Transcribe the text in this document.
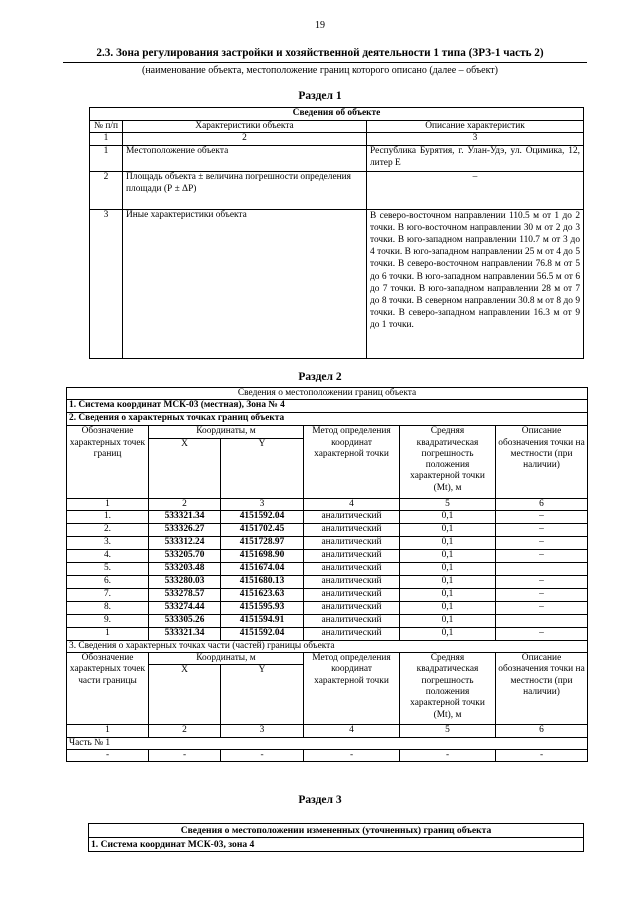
19
2.3. Зона регулирования застройки и хозяйственной деятельности 1 типа (ЗРЗ-1 часть 2)
(наименование объекта, местоположение границ которого описано (далее – объект)
Раздел 1
Сведения об объекте		
№ п/п	Характеристики объекта	Описание характеристик
1	2	3
1	Местоположение объекта	Республика Бурятия, г. Улан-Удэ, ул. Оцимика, 12, литер Е
2	Площадь объекта ± величина погрешности определения площади (Р ± ΔР)	–
3	Иные характеристики объекта	В северо-восточном направлении 110.5 м от 1 до 2 точки. В юго-восточном направлении 30 м от 2 до 3 точки. В юго-западном направлении 110.7 м от 3 до 4 точки. В юго-западном направлении 25 м от 4 до 5 точки. В северо-восточном направлении 76.8 м от 5 до 6 точки. В юго-западном направлении 56.5 м от 6 до 7 точки. В юго-западном направлении 28 м от 7 до 8 точки. В северном направлении 30.8 м от 8 до 9 точки. В северо-западном направлении 16.3 м от 9 до 1 точки.
Раздел 2
Сведения о местоположении границ объекта					
1. Система координат МСК-03 (местная), Зона № 4					
2. Сведения о характерных точках границ объекта					
Обозначение характерных точек границ	Координаты, м		Метод определения координат характерной точки	Средняя квадратическая погрешность положения характерной точки (Mt), м	Описание обозначения точки на местности (при наличии)
	X	Y			
1	2	3	4	5	6
1.	533321.34	4151592.04	аналитический	0,1	–
2.	533326.27	4151702.45	аналитический	0,1	–
3.	533312.24	4151728.97	аналитический	0,1	–
4.	533205.70	4151698.90	аналитический	0,1	–
5.	533203.48	4151674.04	аналитический	0,1	
6.	533280.03	4151680.13	аналитический	0,1	–
7.	533278.57	4151623.63	аналитический	0,1	–
8.	533274.44	4151595.93	аналитический	0,1	–
9.	533305.26	4151594.91	аналитический	0,1	
1	533321.34	4151592.04	аналитический	0,1	–
3. Сведения о характерных точках части (частей) границы объекта					
Обозначение характерных точек части границы	Координаты, м		Метод определения координат характерной точки	Средняя квадратическая погрешность положения характерной точки (Mt), м	Описание обозначения точки на местности (при наличии)
	X	Y			
1	2	3	4	5	6
Часть № 1					
-	-	-	-	-	-
Раздел 3
Сведения о местоположении измененных (уточненных) границ объекта
1. Система координат МСК-03, зона 4
